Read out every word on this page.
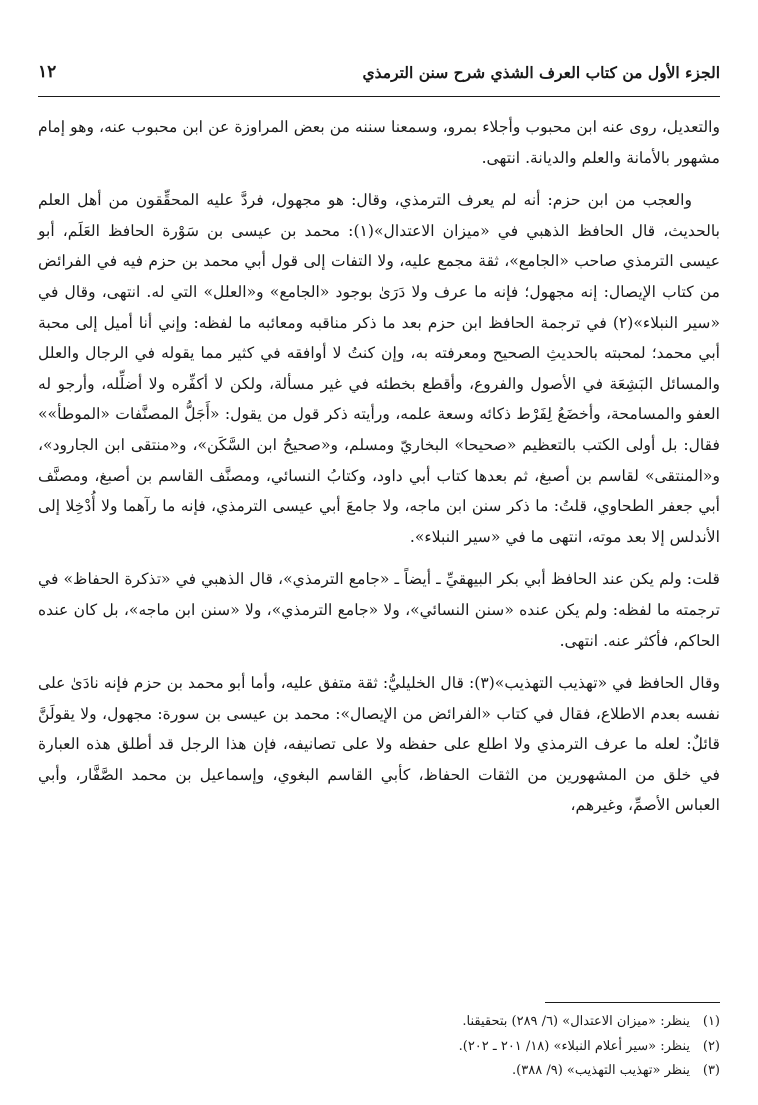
١٢	الجزء الأول من كتاب العرف الشذي شرح سنن الترمذي

والتعديل، روى عنه ابن محبوب وأجلاء بمرو، وسمعنا سننه من بعض المراوزة عن ابن محبوب عنه، وهو إمام مشهور بالأمانة والعلم والديانة. انتهى.

والعجب من ابن حزم: أنه لم يعرف الترمذي، وقال: هو مجهول، فردَّ عليه المحقِّقون من أهل العلم بالحديث، قال الحافظ الذهبي في «ميزان الاعتدال»(١): محمد بن عيسى بن سَوْرة الحافظ العَلَم، أبو عيسى الترمذي صاحب «الجامع»، ثقة مجمع عليه، ولا التفات إلى قول أبي محمد بن حزم فيه في الفرائض من كتاب الإيصال: إنه مجهول؛ فإنه ما عرف ولا دَرَىٰ بوجود «الجامع» و«العلل» التي له. انتهى، وقال في «سير النبلاء»(٢) في ترجمة الحافظ ابن حزم بعد ما ذكر مناقبه ومعائبه ما لفظه: وإني أنا أميل إلى محبة أبي محمد؛ لمحبته بالحديثِ الصحيح ومعرفته به، وإن كنتُ لا أوافقه في كثير مما يقوله في الرجال والعلل والمسائل البَشِعَة في الأصول والفروع، وأقطع بخطئه في غير مسألة، ولكن لا أكفِّره ولا أضلِّله، وأرجو له العفو والمسامحة، وأخضَعُ لِفَرْط ذكائه وسعة علمه، ورأيته ذكر قول من يقول: «أَجَلُّ المصنَّفات «الموطأ»» فقال: بل أولى الكتب بالتعظيم «صحيحا» البخاريّ ومسلم، و«صحيحُ ابن السَّكَن»، و«منتقى ابن الجارود»، و«المنتقى» لقاسم بن أصبغ، ثم بعدها كتاب أبي داود، وكتابُ النسائي، ومصنَّف القاسم بن أصبغ، ومصنَّف أبي جعفر الطحاوي، قلتُ: ما ذكر سنن ابن ماجه، ولا جامعَ أبي عيسى الترمذي، فإنه ما رآهما ولا أُدْخِلا إلى الأندلس إلا بعد موته، انتهى ما في «سير النبلاء».

قلت: ولم يكن عند الحافظ أبي بكر البيهقيِّ ـ أيضاً ـ «جامع الترمذي»، قال الذهبي في «تذكرة الحفاظ» في ترجمته ما لفظه: ولم يكن عنده «سنن النسائي»، ولا «جامع الترمذي»، ولا «سنن ابن ماجه»، بل كان عنده الحاكم، فأكثر عنه. انتهى.

وقال الحافظ في «تهذيب التهذيب»(٣): قال الخليليُّ: ثقة متفق عليه، وأما أبو محمد بن حزم فإنه نادَىٰ على نفسه بعدم الاطلاع، فقال في كتاب «الفرائض من الإيصال»: محمد بن عيسى بن سورة: مجهول، ولا يقولَنَّ قائلٌ: لعله ما عرف الترمذي ولا اطلع على حفظه ولا على تصانيفه، فإن هذا الرجل قد أطلق هذه العبارة في خلق من المشهورين من الثقات الحفاظ، كأبي القاسم البغوي، وإسماعيل بن محمد الصَّفَّار، وأبي العباس الأصمِّ، وغيرهم،

(١)
ينظر: «ميزان الاعتدال» (٦/ ٢٨٩) بتحقيقنا.
(٢)
ينظر: «سير أعلام النبلاء» (١٨/ ٢٠١ ـ ٢٠٢).
(٣)
ينظر «تهذيب التهذيب» (٩/ ٣٨٨).
